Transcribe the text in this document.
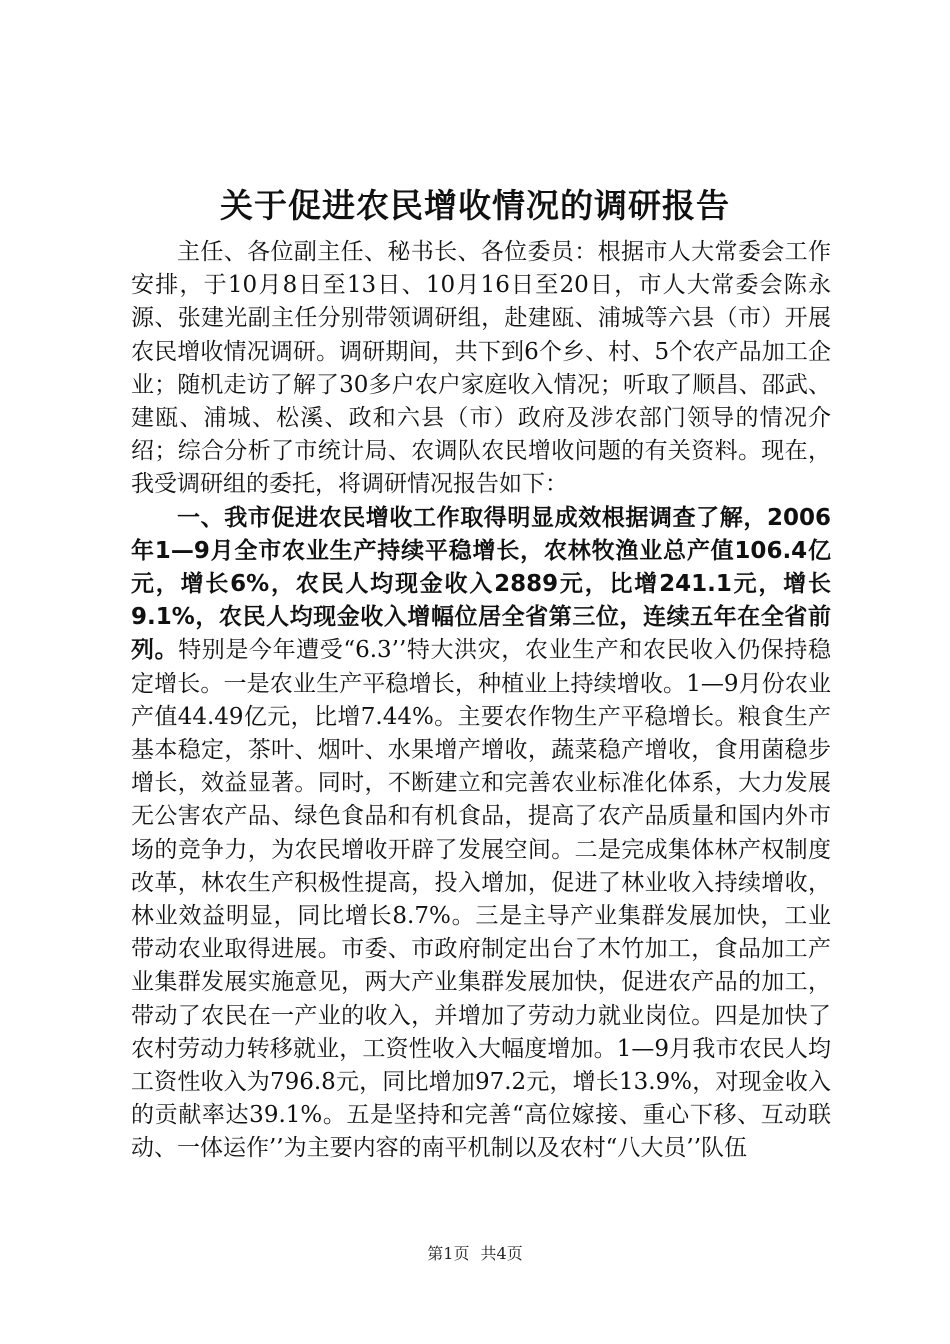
关于促进农民增收情况的调研报告

主任、各位副主任、秘书长、各位委员：根据市人大常委会工作安排，于10月8日至13日、10月16日至20日，市人大常委会陈永源、张建光副主任分别带领调研组，赴建瓯、浦城等六县（市）开展农民增收情况调研。调研期间，共下到6个乡、村、5个农产品加工企业；随机走访了解了30多户农户家庭收入情况；听取了顺昌、邵武、建瓯、浦城、松溪、政和六县（市）政府及涉农部门领导的情况介绍；综合分析了市统计局、农调队农民增收问题的有关资料。现在，我受调研组的委托，将调研情况报告如下：

一、我市促进农民增收工作取得明显成效根据调查了解，2006年1—9月全市农业生产持续平稳增长，农林牧渔业总产值106.4亿元，增长6%，农民人均现金收入2889元，比增241.1元，增长9.1%，农民人均现金收入增幅位居全省第三位，连续五年在全省前列。特别是今年遭受“6.3’’特大洪灾，农业生产和农民收入仍保持稳定增长。一是农业生产平稳增长，种植业上持续增收。1—9月份农业产值44.49亿元，比增7.44%。主要农作物生产平稳增长。粮食生产基本稳定，茶叶、烟叶、水果增产增收，蔬菜稳产增收，食用菌稳步增长，效益显著。同时，不断建立和完善农业标准化体系，大力发展无公害农产品、绿色食品和有机食品，提高了农产品质量和国内外市场的竞争力，为农民增收开辟了发展空间。二是完成集体林产权制度改革，林农生产积极性提高，投入增加，促进了林业收入持续增收，林业效益明显，同比增长8.7%。三是主导产业集群发展加快，工业带动农业取得进展。市委、市政府制定出台了木竹加工，食品加工产业集群发展实施意见，两大产业集群发展加快，促进农产品的加工，带动了农民在一产业的收入，并增加了劳动力就业岗位。四是加快了农村劳动力转移就业，工资性收入大幅度增加。1—9月我市农民人均工资性收入为796.8元，同比增加97.2元，增长13.9%，对现金收入的贡献率达39.1%。五是坚持和完善“高位嫁接、重心下移、互动联动、一体运作’’为主要内容的南平机制以及农村“八大员’’队伍

第1页 共4页
